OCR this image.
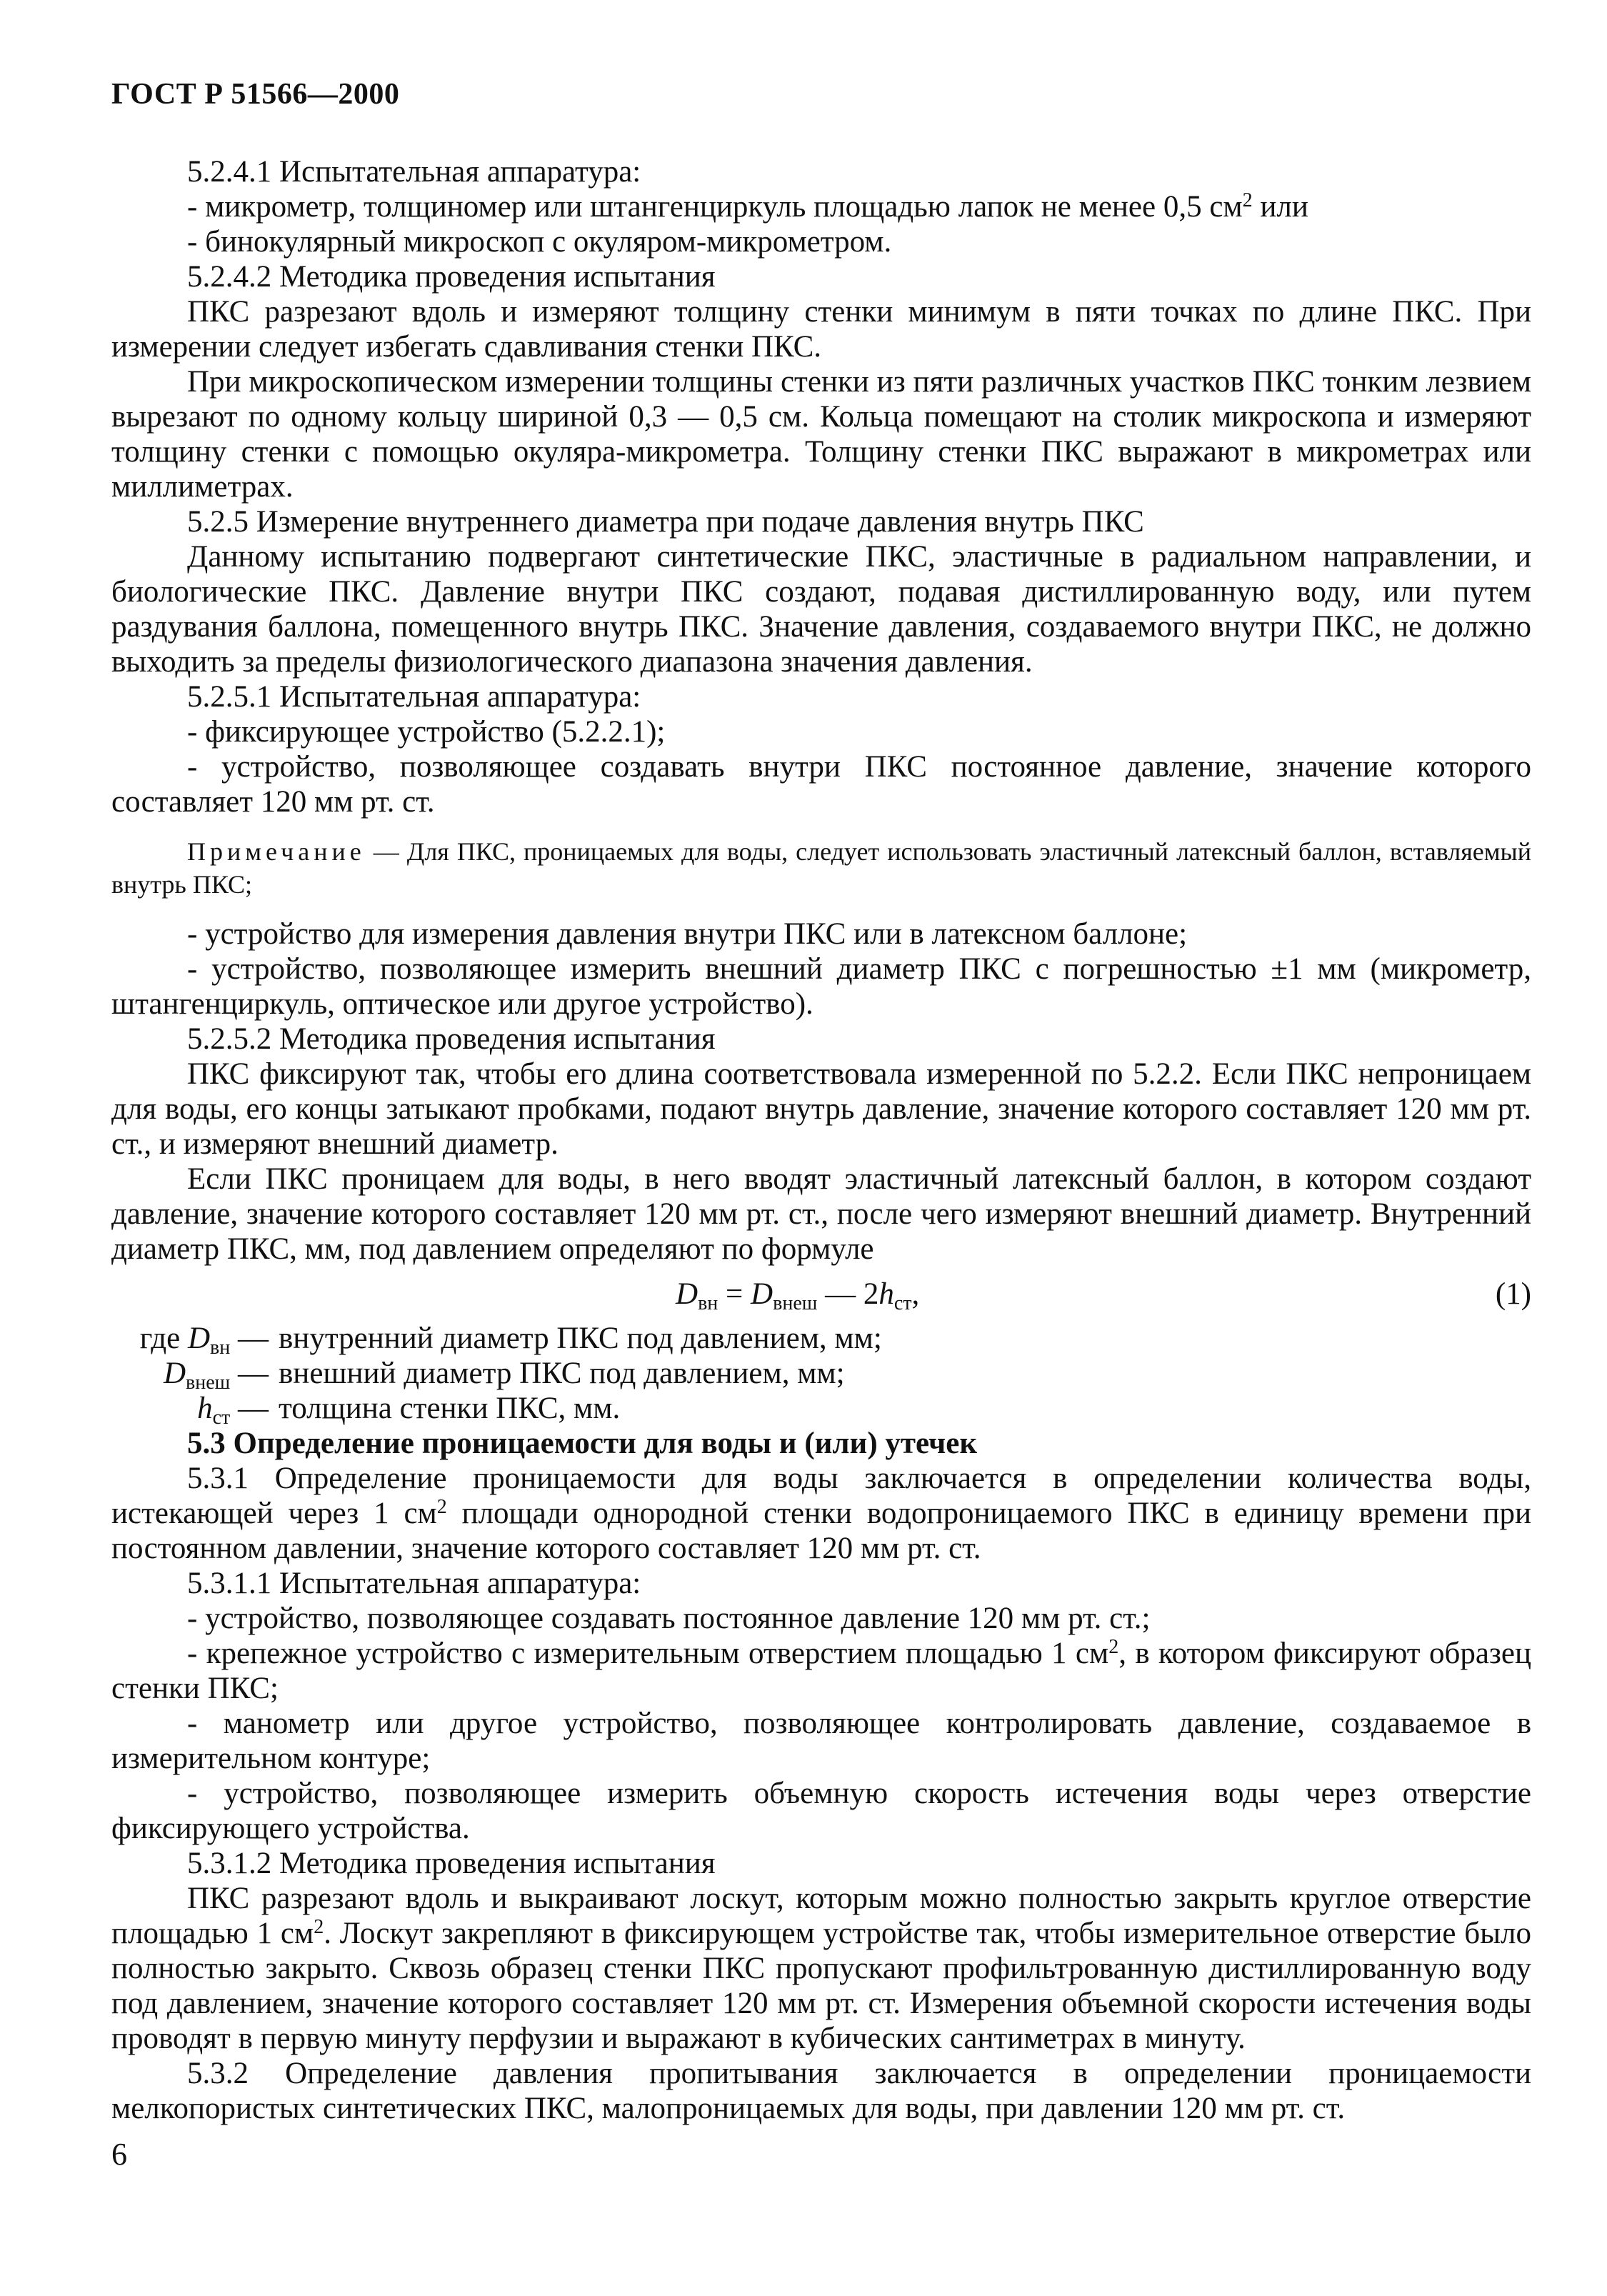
ГОСТ Р 51566—2000

5.2.4.1 Испытательная аппаратура:

- микрометр, толщиномер или штангенциркуль площадью лапок не менее 0,5 $см^2$ или

- бинокулярный микроскоп с окуляром-микрометром.

5.2.4.2 Методика проведения испытания

ПКС разрезают вдоль и измеряют толщину стенки минимум в пяти точках по длине ПКС. При измерении следует избегать сдавливания стенки ПКС.

При микроскопическом измерении толщины стенки из пяти различных участков ПКС тонким лезвием вырезают по одному кольцу шириной 0,3 — 0,5 см. Кольца помещают на столик микроскопа и измеряют толщину стенки с помощью окуляра-микрометра. Толщину стенки ПКС выражают в микрометрах или миллиметрах.

5.2.5 Измерение внутреннего диаметра при подаче давления внутрь ПКС

Данному испытанию подвергают синтетические ПКС, эластичные в радиальном направлении, и биологические ПКС. Давление внутри ПКС создают, подавая дистиллированную воду, или путем раздувания баллона, помещенного внутрь ПКС. Значение давления, создаваемого внутри ПКС, не должно выходить за пределы физиологического диапазона значения давления.

5.2.5.1 Испытательная аппаратура:

- фиксирующее устройство (5.2.2.1);

- устройство, позволяющее создавать внутри ПКС постоянное давление, значение которого составляет 120 мм рт. ст.

Примечание — Для ПКС, проницаемых для воды, следует использовать эластичный латексный баллон, вставляемый внутрь ПКС;

- устройство для измерения давления внутри ПКС или в латексном баллоне;

- устройство, позволяющее измерить внешний диаметр ПКС с погрешностью ±1 мм (микрометр, штангенциркуль, оптическое или другое устройство).

5.2.5.2 Методика проведения испытания

ПКС фиксируют так, чтобы его длина соответствовала измеренной по 5.2.2. Если ПКС непроницаем для воды, его концы затыкают пробками, подают внутрь давление, значение которого составляет 120 мм рт. ст., и измеряют внешний диаметр.

Если ПКС проницаем для воды, в него вводят эластичный латексный баллон, в котором создают давление, значение которого составляет 120 мм рт. ст., после чего измеряют внешний диаметр. Внутренний диаметр ПКС, мм, под давлением определяют по формуле

$D_{вн} = D_{внеш}$ — $2h_{ст}$,	(1)
где $D_{вн}$ — внутренний диаметр ПКС под давлением, мм;
$D_{внеш}$ — внешний диаметр ПКС под давлением, мм;
$h_{ст}$ — толщина стенки ПКС, мм.

5.3 Определение проницаемости для воды и (или) утечек

5.3.1 Определение проницаемости для воды заключается в определении количества воды, истекающей через 1 $см^2$ площади однородной стенки водопроницаемого ПКС в единицу времени при постоянном давлении, значение которого составляет 120 мм рт. ст.

5.3.1.1 Испытательная аппаратура:

- устройство, позволяющее создавать постоянное давление 120 мм рт. ст.;

- крепежное устройство с измерительным отверстием площадью 1 $см^2$, в котором фиксируют образец стенки ПКС;

- манометр или другое устройство, позволяющее контролировать давление, создаваемое в измерительном контуре;

- устройство, позволяющее измерить объемную скорость истечения воды через отверстие фиксирующего устройства.

5.3.1.2 Методика проведения испытания

ПКС разрезают вдоль и выкраивают лоскут, которым можно полностью закрыть круглое отверстие площадью 1 $см^2$. Лоскут закрепляют в фиксирующем устройстве так, чтобы измерительное отверстие было полностью закрыто. Сквозь образец стенки ПКС пропускают профильтрованную дистиллированную воду под давлением, значение которого составляет 120 мм рт. ст. Измерения объемной скорости истечения воды проводят в первую минуту перфузии и выражают в кубических сантиметрах в минуту.

5.3.2 Определение давления пропитывания заключается в определении проницаемости мелкопористых синтетических ПКС, малопроницаемых для воды, при давлении 120 мм рт. ст.

6
